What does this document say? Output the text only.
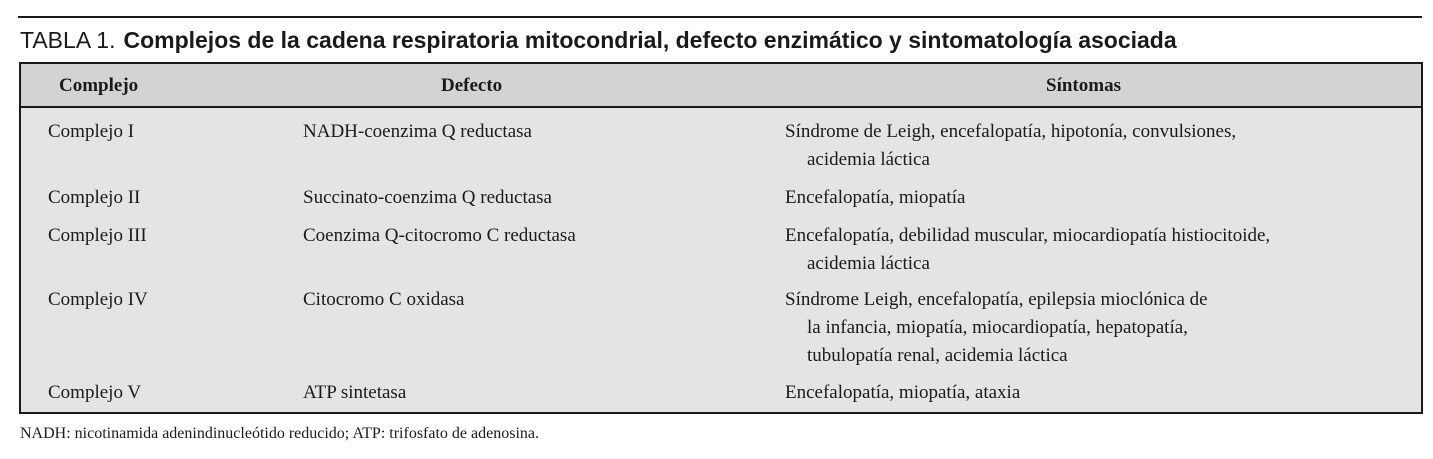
TABLA 1. Complejos de la cadena respiratoria mitocondrial, defecto enzimático y sintomatología asociada
Complejo	Defecto	Síntomas
Complejo I	NADH-coenzima Q reductasa	Síndrome de Leigh, encefalopatía, hipotonía, convulsiones,
acidemia láctica
Complejo II	Succinato-coenzima Q reductasa	Encefalopatía, miopatía
Complejo III	Coenzima Q-citocromo C reductasa	Encefalopatía, debilidad muscular, miocardiopatía histiocitoide,
acidemia láctica
Complejo IV	Citocromo C oxidasa	Síndrome Leigh, encefalopatía, epilepsia mioclónica de
la infancia, miopatía, miocardiopatía, hepatopatía,
tubulopatía renal, acidemia láctica
Complejo V	ATP sintetasa	Encefalopatía, miopatía, ataxia
NADH: nicotinamida adenindinucleótido reducido; ATP: trifosfato de adenosina.
